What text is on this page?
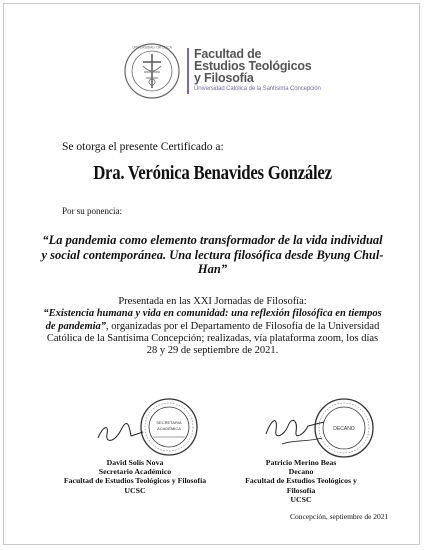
UNIVERSIDAD CATÓLICA Facultad de
Estudios Teológicos
y Filosofía
Universidad Católica de la Santísima Concepción
Se otorga el presente Certificado a:
Dra. Verónica Benavides González
Por su ponencia:
“La pandemia como elemento transformador de la vida individual y social contemporánea. Una lectura filosófica desde Byung Chul-Han”
Presentada en las XXI Jornadas de Filosofía:
“Existencia humana y vida en comunidad: una reflexión filosófica en tiempos de pandemia”, organizadas por el Departamento de Filosofía de la Universidad Católica de la Santísima Concepción; realizadas, vía plataforma zoom, los días 28 y 29 de septiembre de 2021.
SECRETARIA
ACADÉMICA	DECANO
David Solís Nova
Secretario Académico
Facultad de Estudios Teológicos y Filosofía
UCSC
Patricio Merino Beas
Decano
Facultad de Estudios Teológicos y Filosofía
UCSC
Concepción, septiembre de 2021
